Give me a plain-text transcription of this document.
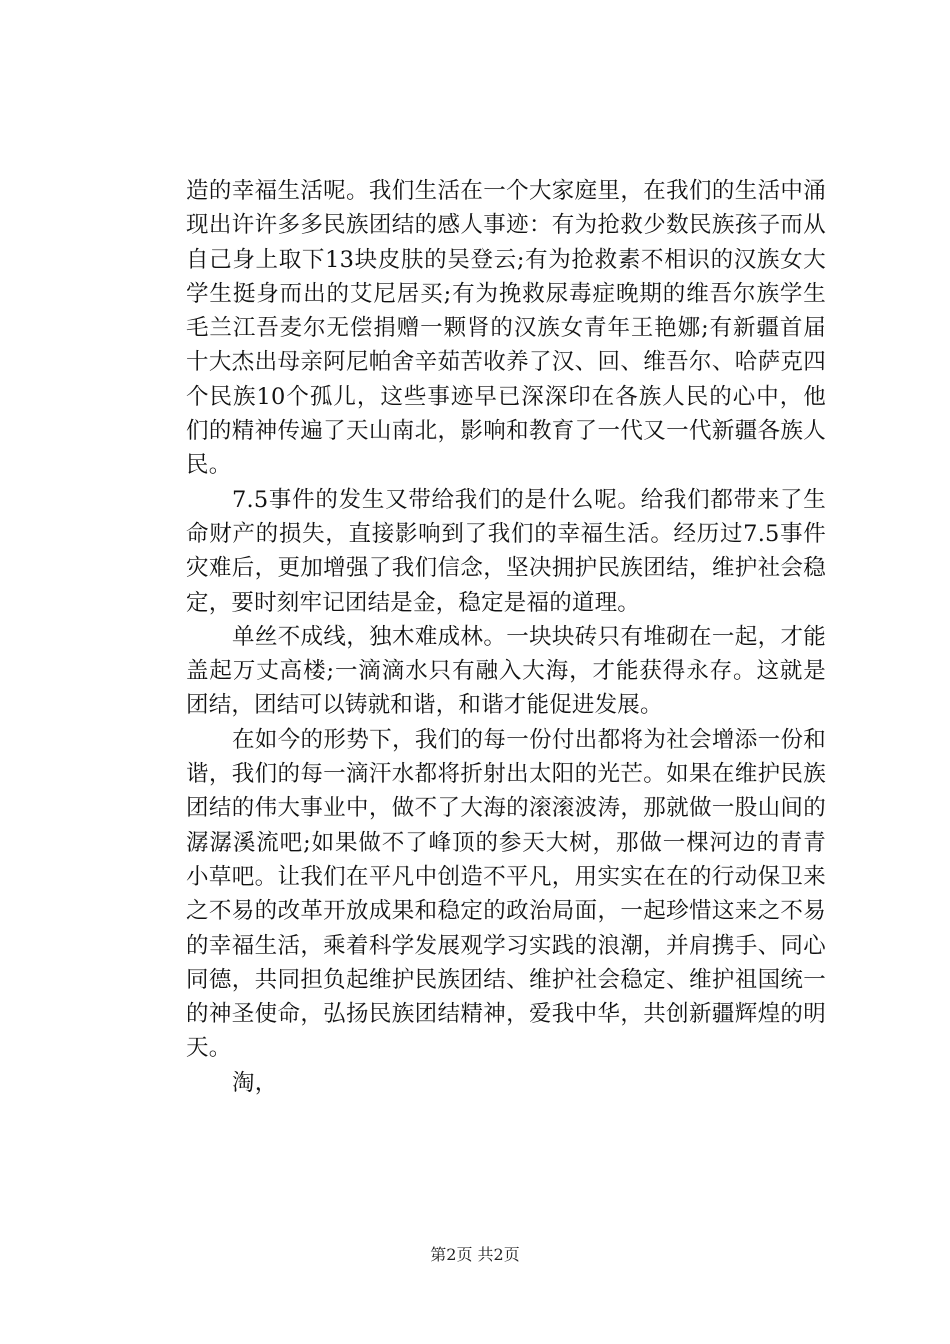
造的幸福生活呢。我们生活在一个大家庭里，在我们的生活中涌现出许许多多民族团结的感人事迹：有为抢救少数民族孩子而从自己身上取下13块皮肤的吴登云;有为抢救素不相识的汉族女大学生挺身而出的艾尼居买;有为挽救尿毒症晚期的维吾尔族学生毛兰江吾麦尔无偿捐赠一颗肾的汉族女青年王艳娜;有新疆首届十大杰出母亲阿尼帕舍辛茹苦收养了汉、回、维吾尔、哈萨克四个民族10个孤儿，这些事迹早已深深印在各族人民的心中，他们的精神传遍了天山南北，影响和教育了一代又一代新疆各族人民。

7.5事件的发生又带给我们的是什么呢。给我们都带来了生命财产的损失，直接影响到了我们的幸福生活。经历过7.5事件灾难后，更加增强了我们信念，坚决拥护民族团结，维护社会稳定，要时刻牢记团结是金，稳定是福的道理。

单丝不成线，独木难成林。一块块砖只有堆砌在一起，才能盖起万丈高楼;一滴滴水只有融入大海，才能获得永存。这就是团结，团结可以铸就和谐，和谐才能促进发展。

在如今的形势下，我们的每一份付出都将为社会增添一份和谐，我们的每一滴汗水都将折射出太阳的光芒。如果在维护民族团结的伟大事业中，做不了大海的滚滚波涛，那就做一股山间的潺潺溪流吧;如果做不了峰顶的参天大树，那做一棵河边的青青小草吧。让我们在平凡中创造不平凡，用实实在在的行动保卫来之不易的改革开放成果和稳定的政治局面，一起珍惜这来之不易的幸福生活，乘着科学发展观学习实践的浪潮，并肩携手、同心同德，共同担负起维护民族团结、维护社会稳定、维护祖国统一的神圣使命，弘扬民族团结精神，爱我中华，共创新疆辉煌的明天。

淘，

第2页 共2页
